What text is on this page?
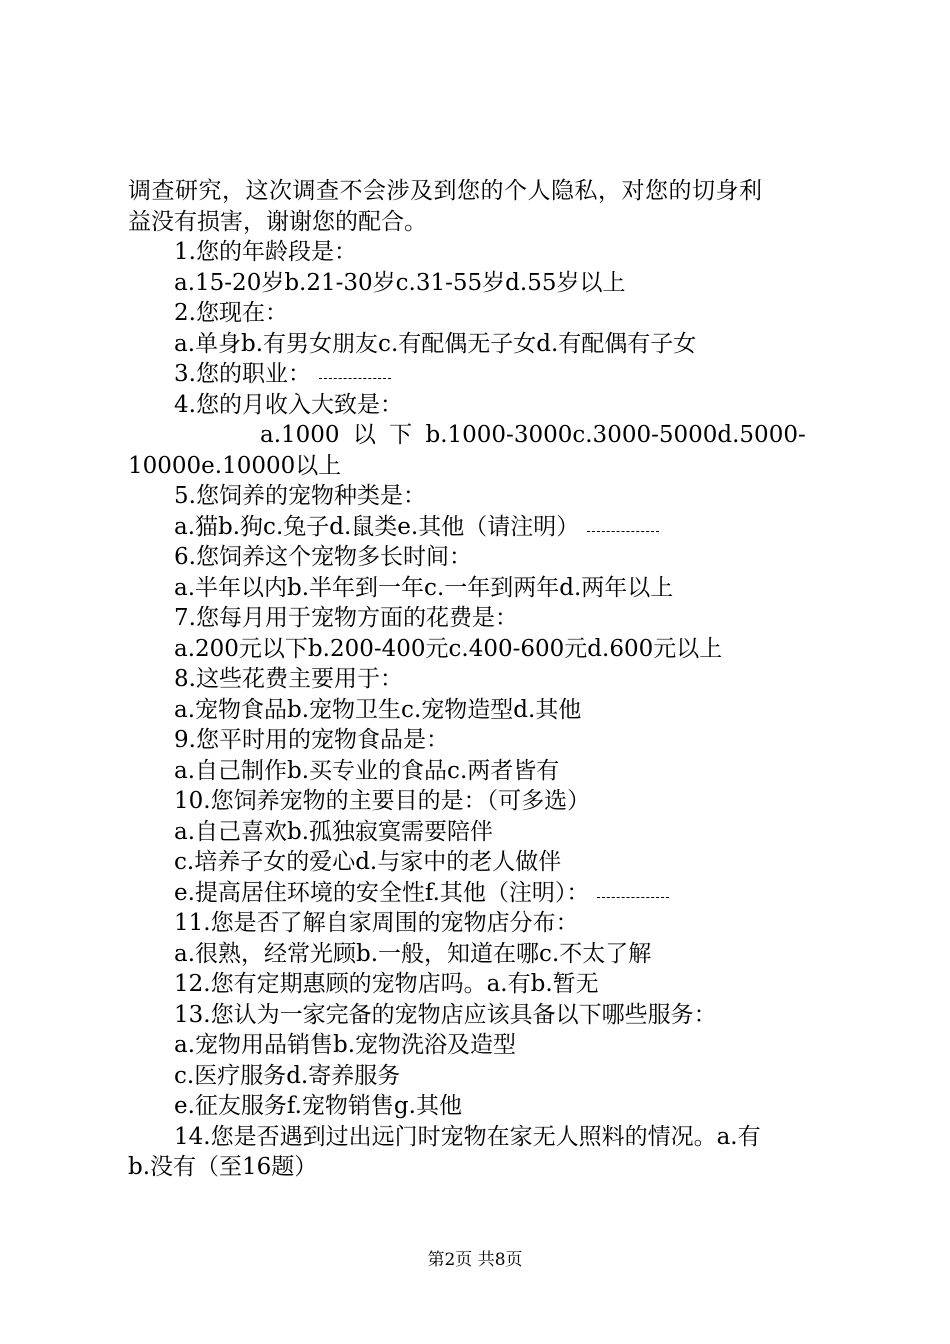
调查研究，这次调查不会涉及到您的个人隐私，对您的切身利
益没有损害，谢谢您的配合。
1.您的年龄段是：
a.15-20岁b.21-30岁c.31-55岁d.55岁以上
2.您现在：
a.单身b.有男女朋友c.有配偶无子女d.有配偶有子女
3.您的职业：
4.您的月收入大致是：
a.1000 以 下 b.1000-3000c.3000-5000d.5000-
10000e.10000以上
5.您饲养的宠物种类是：
a.猫b.狗c.兔子d.鼠类e.其他（请注明）
6.您饲养这个宠物多长时间：
a.半年以内b.半年到一年c.一年到两年d.两年以上
7.您每月用于宠物方面的花费是：
a.200元以下b.200-400元c.400-600元d.600元以上
8.这些花费主要用于：
a.宠物食品b.宠物卫生c.宠物造型d.其他
9.您平时用的宠物食品是：
a.自己制作b.买专业的食品c.两者皆有
10.您饲养宠物的主要目的是：（可多选）
a.自己喜欢b.孤独寂寞需要陪伴
c.培养子女的爱心d.与家中的老人做伴
e.提高居住环境的安全性f.其他（注明）：
11.您是否了解自家周围的宠物店分布：
a.很熟，经常光顾b.一般，知道在哪c.不太了解
12.您有定期惠顾的宠物店吗。a.有b.暂无
13.您认为一家完备的宠物店应该具备以下哪些服务：
a.宠物用品销售b.宠物洗浴及造型
c.医疗服务d.寄养服务
e.征友服务f.宠物销售g.其他
14.您是否遇到过出远门时宠物在家无人照料的情况。a.有
b.没有（至16题）
第2页 共8页
